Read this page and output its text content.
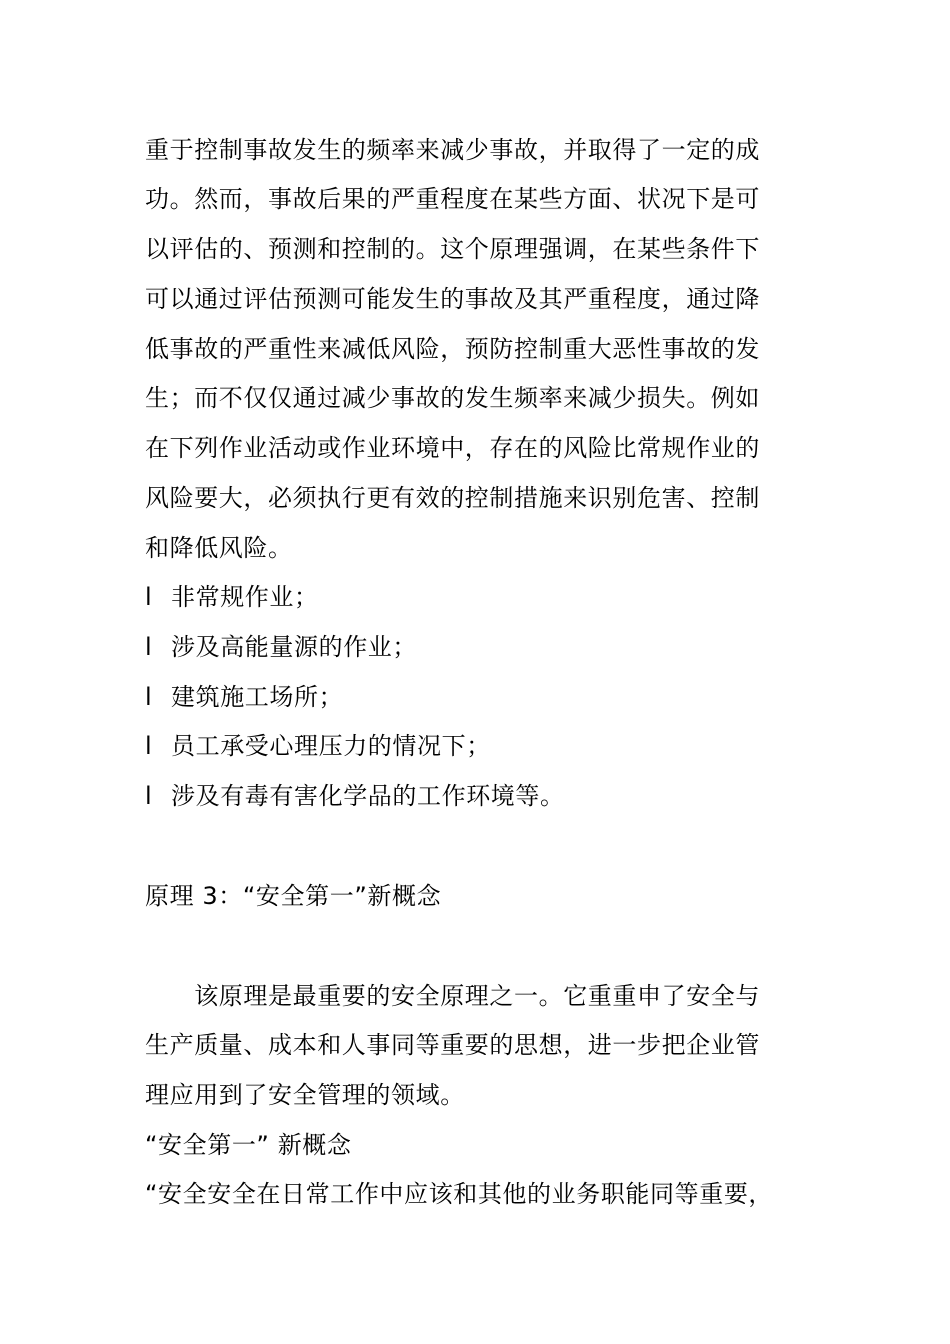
重于控制事故发生的频率来减少事故，并取得了一定的成
功。然而，事故后果的严重程度在某些方面、状况下是可
以评估的、预测和控制的。这个原理强调，在某些条件下
可以通过评估预测可能发生的事故及其严重程度，通过降
低事故的严重性来减低风险，预防控制重大恶性事故的发
生；而不仅仅通过减少事故的发生频率来减少损失。例如
在下列作业活动或作业环境中，存在的风险比常规作业的
风险要大，必须执行更有效的控制措施来识别危害、控制
和降低风险。
l 非常规作业；
l 涉及高能量源的作业；
l 建筑施工场所；
l 员工承受心理压力的情况下；
l 涉及有毒有害化学品的工作环境等。
原理 3：“安全第一”新概念
　　该原理是最重要的安全原理之一。它重重申了安全与
生产质量、成本和人事同等重要的思想，进一步把企业管
理应用到了安全管理的领域。
“安全第一” 新概念
“安全安全在日常工作中应该和其他的业务职能同等重要，
